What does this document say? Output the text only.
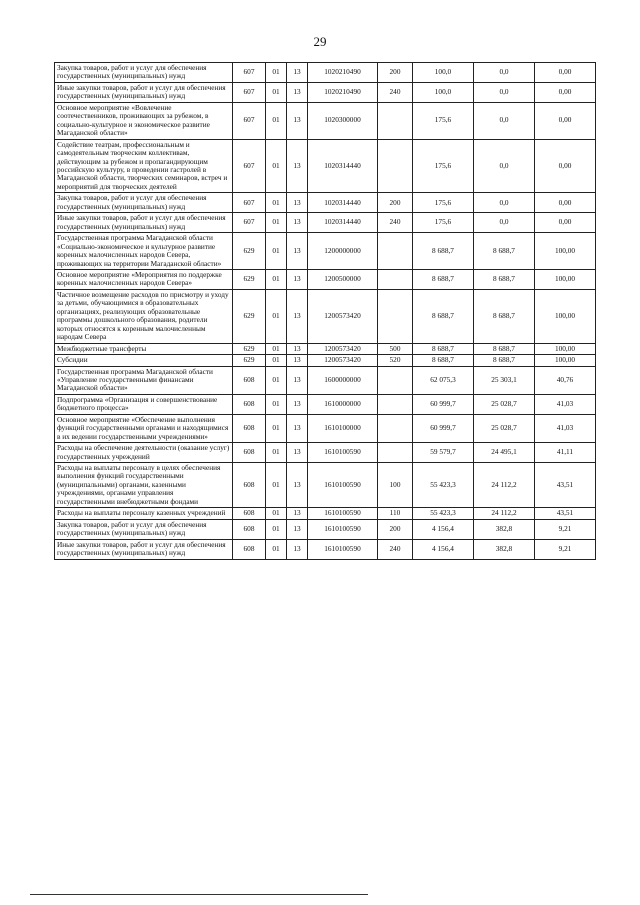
29
Закупка товаров, работ и услуг для обеспечения государственных (муниципальных) нужд	607	01	13	1020210490	200	100,0	0,0	0,00
Иные закупки товаров, работ и услуг для обеспечения государственных (муниципальных) нужд	607	01	13	1020210490	240	100,0	0,0	0,00
Основное мероприятие «Вовлечение соотечественников, проживающих за рубежом, в социально-культурное и экономическое развитие Магаданской области»	607	01	13	1020300000		175,6	0,0	0,00
Содействие театрам, профессиональным и самодеятельным творческим коллективам, действующим за рубежом и пропагандирующим российскую культуру, в проведении гастролей в Магаданской области, творческих семинаров, встреч и мероприятий для творческих деятелей	607	01	13	1020314440		175,6	0,0	0,00
Закупка товаров, работ и услуг для обеспечения государственных (муниципальных) нужд	607	01	13	1020314440	200	175,6	0,0	0,00
Иные закупки товаров, работ и услуг для обеспечения государственных (муниципальных) нужд	607	01	13	1020314440	240	175,6	0,0	0,00
Государственная программа Магаданской области «Социально-экономическое и культурное развитие коренных малочисленных народов Севера, проживающих на территории Магаданской области»	629	01	13	1200000000		8 688,7	8 688,7	100,00
Основное мероприятие «Мероприятия по поддержке коренных малочисленных народов Севера»	629	01	13	1200500000		8 688,7	8 688,7	100,00
Частичное возмещение расходов по присмотру и уходу за детьми, обучающимися в образовательных организациях, реализующих образовательные программы дошкольного образования, родители которых относятся к коренным малочисленным народам Севера	629	01	13	1200573420		8 688,7	8 688,7	100,00
Межбюджетные трансферты	629	01	13	1200573420	500	8 688,7	8 688,7	100,00
Субсидии	629	01	13	1200573420	520	8 688,7	8 688,7	100,00
Государственная программа Магаданской области «Управление государственными финансами Магаданской области»	608	01	13	1600000000		62 075,3	25 303,1	40,76
Подпрограмма «Организация и совершенствование бюджетного процесса»	608	01	13	1610000000		60 999,7	25 028,7	41,03
Основное мероприятие «Обеспечение выполнения функций государственными органами и находящимися в их ведении государственными учреждениями»	608	01	13	1610100000		60 999,7	25 028,7	41,03
Расходы на обеспечение деятельности (оказание услуг) государственных учреждений	608	01	13	1610100590		59 579,7	24 495,1	41,11
Расходы на выплаты персоналу в целях обеспечения выполнения функций государственными (муниципальными) органами, казенными учреждениями, органами управления государственными внебюджетными фондами	608	01	13	1610100590	100	55 423,3	24 112,2	43,51
Расходы на выплаты персоналу казенных учреждений	608	01	13	1610100590	110	55 423,3	24 112,2	43,51
Закупка товаров, работ и услуг для обеспечения государственных (муниципальных) нужд	608	01	13	1610100590	200	4 156,4	382,8	9,21
Иные закупки товаров, работ и услуг для обеспечения государственных (муниципальных) нужд	608	01	13	1610100590	240	4 156,4	382,8	9,21
